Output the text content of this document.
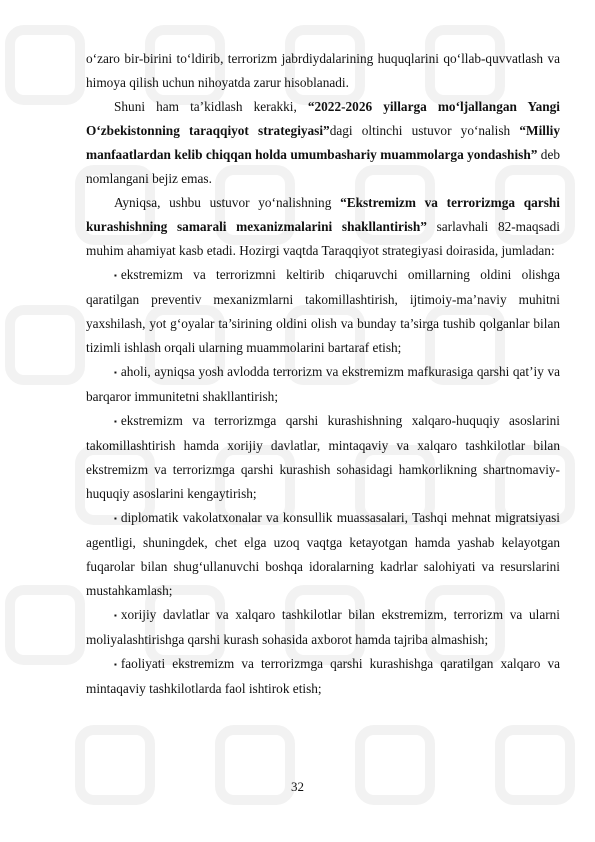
o‘zaro bir-birini to‘ldirib, terrorizm jabrdiydalarining huquqlarini qo‘llab-quvvatlash va himoya qilish uchun nihoyatda zarur hisoblanadi.

Shuni ham ta’kidlash kerakki, “2022-2026 yillarga mo‘ljallangan Yangi O‘zbekistonning taraqqiyot strategiyasi”dagi oltinchi ustuvor yo‘nalish “Milliy manfaatlardan kelib chiqqan holda umumbashariy muammolarga yondashish” deb nomlangani bejiz emas.

Ayniqsa, ushbu ustuvor yo‘nalishning “Ekstremizm va terrorizmga qarshi kurashishning samarali mexanizmalarini shakllantirish” sarlavhali 82-maqsadi muhim ahamiyat kasb etadi. Hozirgi vaqtda Taraqqiyot strategiyasi doirasida, jumladan:

▪ ekstremizm va terrorizmni keltirib chiqaruvchi omillarning oldini olishga qaratilgan preventiv mexanizmlarni takomillashtirish, ijtimoiy-ma’naviy muhitni yaxshilash, yot g‘oyalar ta’sirining oldini olish va bunday ta’sirga tushib qolganlar bilan tizimli ishlash orqali ularning muammolarini bartaraf etish;

▪ aholi, ayniqsa yosh avlodda terrorizm va ekstremizm mafkurasiga qarshi qat’iy va barqaror immunitetni shakllantirish;

▪ ekstremizm va terrorizmga qarshi kurashishning xalqaro-huquqiy asoslarini takomillashtirish hamda xorijiy davlatlar, mintaqaviy va xalqaro tashkilotlar bilan ekstremizm va terrorizmga qarshi kurashish sohasidagi hamkorlikning shartnomaviy-huquqiy asoslarini kengaytirish;

▪ diplomatik vakolatxonalar va konsullik muassasalari, Tashqi mehnat migratsiyasi agentligi, shuningdek, chet elga uzoq vaqtga ketayotgan hamda yashab kelayotgan fuqarolar bilan shug‘ullanuvchi boshqa idoralarning kadrlar salohiyati va resurslarini mustahkamlash;

▪ xorijiy davlatlar va xalqaro tashkilotlar bilan ekstremizm, terrorizm va ularni moliyalashtirishga qarshi kurash sohasida axborot hamda tajriba almashish;

▪ faoliyati ekstremizm va terrorizmga qarshi kurashishga qaratilgan xalqaro va mintaqaviy tashkilotlarda faol ishtirok etish;

32
